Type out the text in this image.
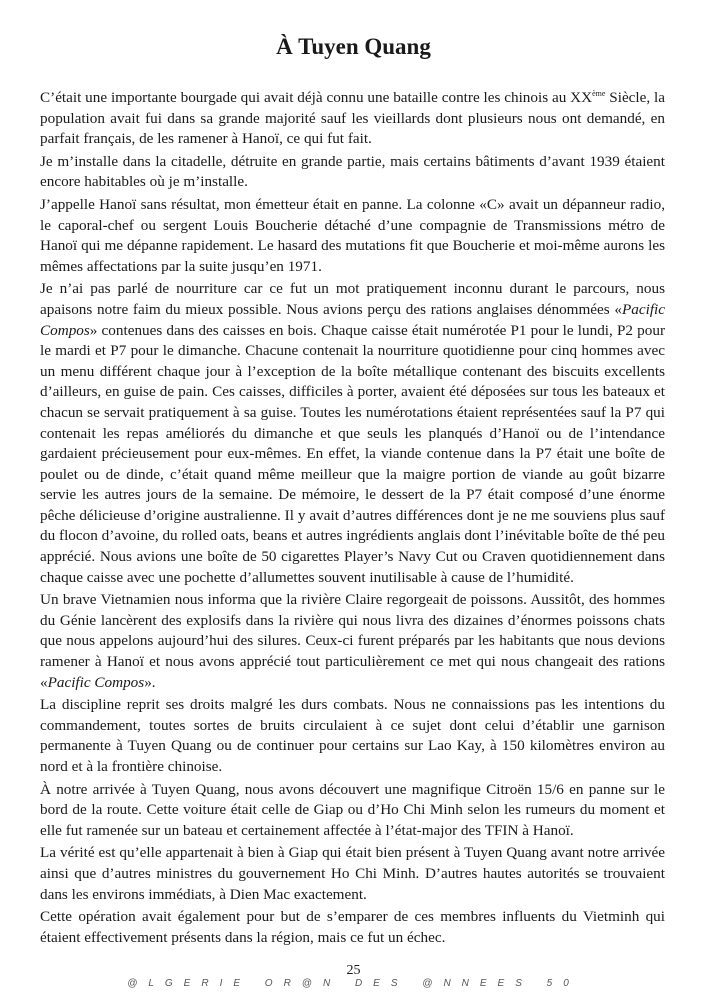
À Tuyen Quang

C’était une importante bourgade qui avait déjà connu une bataille contre les chinois au XXème Siècle, la population avait fui dans sa grande majorité sauf les vieillards dont plusieurs nous ont demandé, en parfait français, de les ramener à Hanoï, ce qui fut fait.

Je m’installe dans la citadelle, détruite en grande partie, mais certains bâtiments d’avant 1939 étaient encore habitables où je m’installe.

J’appelle Hanoï sans résultat, mon émetteur était en panne. La colonne «C» avait un dépanneur radio, le caporal-chef ou sergent Louis Boucherie détaché d’une compagnie de Transmissions métro de Hanoï qui me dépanne rapidement. Le hasard des mutations fit que Boucherie et moi-même aurons les mêmes affectations par la suite jusqu’en 1971.

Je n’ai pas parlé de nourriture car ce fut un mot pratiquement inconnu durant le parcours, nous apaisons notre faim du mieux possible. Nous avions perçu des rations anglaises dénommées «Pacific Compos» contenues dans des caisses en bois. Chaque caisse était numérotée P1 pour le lundi, P2 pour le mardi et P7 pour le dimanche. Chacune contenait la nourriture quotidienne pour cinq hommes avec un menu différent chaque jour à l’exception de la boîte métallique contenant des biscuits excellents d’ailleurs, en guise de pain. Ces caisses, difficiles à porter, avaient été déposées sur tous les bateaux et chacun se servait pratiquement à sa guise. Toutes les numérotations étaient représentées sauf la P7 qui contenait les repas améliorés du dimanche et que seuls les planqués d’Hanoï ou de l’intendance gardaient précieusement pour eux-mêmes. En effet, la viande contenue dans la P7 était une boîte de poulet ou de dinde, c’était quand même meilleur que la maigre portion de viande au goût bizarre servie les autres jours de la semaine. De mémoire, le dessert de la P7 était composé d’une énorme pêche délicieuse d’origine australienne. Il y avait d’autres différences dont je ne me souviens plus sauf du flocon d’avoine, du rolled oats, beans et autres ingrédients anglais dont l’inévitable boîte de thé peu apprécié. Nous avions une boîte de 50 cigarettes Player’s Navy Cut ou Craven quotidiennement dans chaque caisse avec une pochette d’allumettes souvent inutilisable à cause de l’humidité.

Un brave Vietnamien nous informa que la rivière Claire regorgeait de poissons. Aussitôt, des hommes du Génie lancèrent des explosifs dans la rivière qui nous livra des dizaines d’énormes poissons chats que nous appelons aujourd’hui des silures. Ceux-ci furent préparés par les habitants que nous devions ramener à Hanoï et nous avons apprécié tout particulièrement ce met qui nous changeait des rations «Pacific Compos».

La discipline reprit ses droits malgré les durs combats. Nous ne connaissions pas les intentions du commandement, toutes sortes de bruits circulaient à ce sujet dont celui d’établir une garnison permanente à Tuyen Quang ou de continuer pour certains sur Lao Kay, à 150 kilomètres environ au nord et à la frontière chinoise.

À notre arrivée à Tuyen Quang, nous avons découvert une magnifique Citroën 15/6 en panne sur le bord de la route. Cette voiture était celle de Giap ou d’Ho Chi Minh selon les rumeurs du moment et elle fut ramenée sur un bateau et certainement affectée à l’état-major des TFIN à Hanoï.

La vérité est qu’elle appartenait à bien à Giap qui était bien présent à Tuyen Quang avant notre arrivée ainsi que d’autres ministres du gouvernement Ho Chi Minh. D’autres hautes autorités se trouvaient dans les environs immédiats, à Dien Mac exactement.

Cette opération avait également pour but de s’emparer de ces membres influents du Vietminh qui étaient effectivement présents dans la région, mais ce fut un échec.

25
@LGERIE OR@N DES @NNEES 50
